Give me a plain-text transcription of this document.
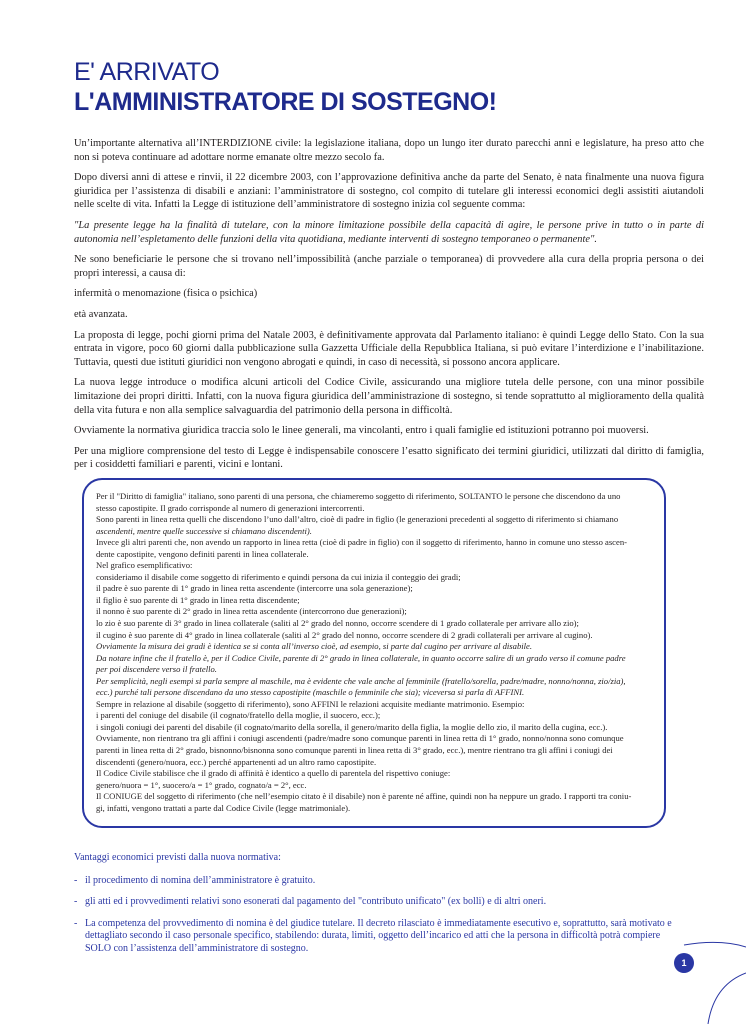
E' ARRIVATO
L'AMMINISTRATORE DI SOSTEGNO!

Un’importante alternativa all’INTERDIZIONE civile: la legislazione italiana, dopo un lungo iter durato parecchi anni e legislature, ha preso atto che non si poteva continuare ad adottare norme emanate oltre mezzo secolo fa.

Dopo diversi anni di attese e rinvii, il 22 dicembre 2003, con l’approvazione definitiva anche da parte del Senato, è nata finalmente una nuova figura giuridica per l’assistenza di disabili e anziani: l’amministratore di sostegno, col compito di tutelare gli interessi economici degli assistiti aiutandoli nelle scelte di vita. Infatti la Legge di istituzione dell’amministratore di sostegno inizia col seguente comma:

"La presente legge ha la finalità di tutelare, con la minore limitazione possibile della capacità di agire, le persone prive in tutto o in parte di autonomia nell’espletamento delle funzioni della vita quotidiana, mediante interventi di sostegno temporaneo o permanente".

Ne sono beneficiarie le persone che si trovano nell’impossibilità (anche parziale o temporanea) di provvedere alla cura della propria persona o dei propri interessi, a causa di:

infermità o menomazione (fisica o psichica)

età avanzata.

La proposta di legge, pochi giorni prima del Natale 2003, è definitivamente approvata dal Parlamento italiano: è quindi Legge dello Stato. Con la sua entrata in vigore, poco 60 giorni dalla pubblicazione sulla Gazzetta Ufficiale della Repubblica Italiana, si può evitare l’interdizione e l’inabilitazione. Tuttavia, questi due istituti giuridici non vengono abrogati e quindi, in caso di necessità, si possono ancora applicare.

La nuova legge introduce o modifica alcuni articoli del Codice Civile, assicurando una migliore tutela delle persone, con una minor possibile limitazione dei propri diritti. Infatti, con la nuova figura giuridica dell’amministrazione di sostegno, si tende soprattutto al miglioramento della qualità della vita futura e non alla semplice salvaguardia del patrimonio della persona in difficoltà.

Ovviamente la normativa giuridica traccia solo le linee generali, ma vincolanti, entro i quali famiglie ed istituzioni potranno poi muoversi.

Per una migliore comprensione del testo di Legge è indispensabile conoscere l’esatto significato dei termini giuridici, utilizzati dal diritto di famiglia, per i cosiddetti familiari e parenti, vicini e lontani.

Per il "Diritto di famiglia" italiano, sono parenti di una persona, che chiameremo soggetto di riferimento, SOLTANTO le persone che discendono da uno
stesso capostipite. Il grado corrisponde al numero di generazioni intercorrenti.
Sono parenti in linea retta quelli che discendono l’uno dall’altro, cioè di padre in figlio (le generazioni precedenti al soggetto di riferimento si chiamano
ascendenti, mentre quelle successive si chiamano discendenti).
Invece gli altri parenti che, non avendo un rapporto in linea retta (cioè di padre in figlio) con il soggetto di riferimento, hanno in comune uno stesso ascen-
dente capostipite, vengono definiti parenti in linea collaterale.
Nel grafico esemplificativo:
consideriamo il disabile come soggetto di riferimento e quindi persona da cui inizia il conteggio dei gradi;
il padre è suo parente di 1° grado in linea retta ascendente (intercorre una sola generazione);
il figlio è suo parente di 1° grado in linea retta discendente;
il nonno è suo parente di 2° grado in linea retta ascendente (intercorrono due generazioni);
lo zio è suo parente di 3° grado in linea collaterale (saliti al 2° grado del nonno, occorre scendere di 1 grado collaterale per arrivare allo zio);
il cugino è suo parente di 4° grado in linea collaterale (saliti al 2° grado del nonno, occorre scendere di 2 gradi collaterali per arrivare al cugino).
Ovviamente la misura dei gradi è identica se si conta all’inverso cioè, ad esempio, si parte dal cugino per arrivare al disabile.
Da notare infine che il fratello è, per il Codice Civile, parente di 2° grado in linea collaterale, in quanto occorre salire di un grado verso il comune padre
per poi discendere verso il fratello.
Per semplicità, negli esempi si parla sempre al maschile, ma è evidente che vale anche al femminile (fratello/sorella, padre/madre, nonno/nonna, zio/zia),
ecc.) purché tali persone discendano da uno stesso capostipite (maschile o femminile che sia); viceversa si parla di AFFINI.
Sempre in relazione al disabile (soggetto di riferimento), sono AFFINI le relazioni acquisite mediante matrimonio. Esempio:
i parenti del coniuge del disabile (il cognato/fratello della moglie, il suocero, ecc.);
i singoli coniugi dei parenti del disabile (il cognato/marito della sorella, il genero/marito della figlia, la moglie dello zio, il marito della cugina, ecc.).
Ovviamente, non rientrano tra gli affini i coniugi ascendenti (padre/madre sono comunque parenti in linea retta di 1° grado, nonno/nonna sono comunque
parenti in linea retta di 2° grado, bisnonno/bisnonna sono comunque parenti in linea retta di 3° grado, ecc.), mentre rientrano tra gli affini i coniugi dei
discendenti (genero/nuora, ecc.) perché appartenenti ad un altro ramo capostipite.
Il Codice Civile stabilisce che il grado di affinità è identico a quello di parentela del rispettivo coniuge:
genero/nuora = 1°, suocero/a = 1° grado, cognato/a = 2°, ecc.
Il CONIUGE del soggetto di riferimento (che nell’esempio citato è il disabile) non è parente né affine, quindi non ha neppure un grado. I rapporti tra coniu-
gi, infatti, vengono trattati a parte dal Codice Civile (legge matrimoniale).

Vantaggi economici previsti dalla nuova normativa:

- il procedimento di nomina dell’amministratore è gratuito.
- gli atti ed i provvedimenti relativi sono esonerati dal pagamento del "contributo unificato" (ex bolli) e di altri oneri.
- La competenza del provvedimento di nomina è del giudice tutelare. Il decreto rilasciato è immediatamente esecutivo e, soprattutto, sarà motivato e dettagliato secondo il caso personale specifico, stabilendo: durata, limiti, oggetto dell’incarico ed atti che la persona in difficoltà potrà compiere SOLO con l’assistenza dell’amministratore di sostegno.
1
